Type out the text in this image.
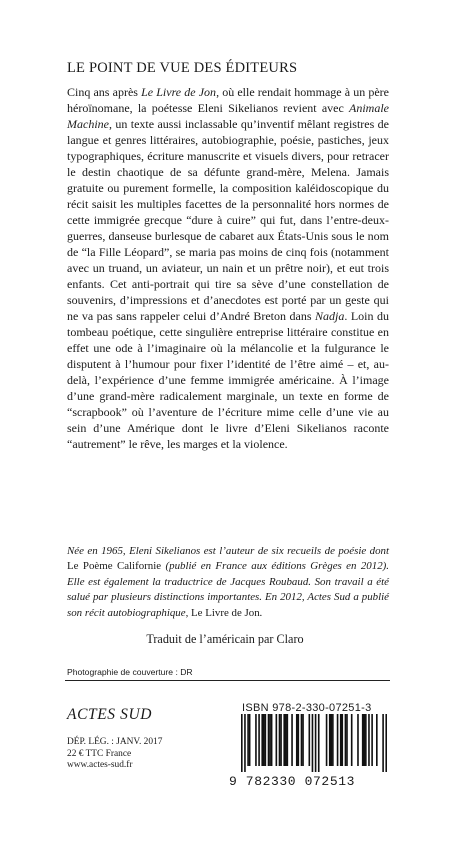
LE POINT DE VUE DES ÉDITEURS
Cinq ans après Le Livre de Jon, où elle rendait hommage à un père héroïnomane, la poétesse Eleni Sikelianos revient avec Animale Machine, un texte aussi inclassable qu’inventif mêlant registres de langue et genres littéraires, autobiographie, poésie, pastiches, jeux typographiques, écriture manuscrite et visuels divers, pour retracer le destin chaotique de sa défunte grand-mère, Melena. Jamais gratuite ou purement formelle, la composition kaléidoscopique du récit saisit les multiples facettes de la personnalité hors normes de cette immigrée grecque “dure à cuire” qui fut, dans l’entre-deux-guerres, danseuse burlesque de cabaret aux États-Unis sous le nom de “la Fille Léopard”, se maria pas moins de cinq fois (notamment avec un truand, un aviateur, un nain et un prêtre noir), et eut trois enfants. Cet anti-portrait qui tire sa sève d’une constellation de souvenirs, d’impressions et d’anecdotes est porté par un geste qui ne va pas sans rappeler celui d’André Breton dans Nadja. Loin du tombeau poétique, cette singulière entreprise littéraire constitue en effet une ode à l’imaginaire où la mélancolie et la fulgurance le disputent à l’humour pour fixer l’identité de l’être aimé – et, au-delà, l’expérience d’une femme immigrée américaine. À l’image d’une grand-mère radicalement marginale, un texte en forme de “scrapbook” où l’aventure de l’écriture mime celle d’une vie au sein d’une Amérique dont le livre d’Eleni Sikelianos raconte “autrement” le rêve, les marges et la violence.
Née en 1965, Eleni Sikelianos est l’auteur de six recueils de poésie dont Le Poème Californie (publié en France aux éditions Grèges en 2012). Elle est également la traductrice de Jacques Roubaud. Son travail a été salué par plusieurs distinctions importantes. En 2012, Actes Sud a publié son récit autobiographique, Le Livre de Jon.
Traduit de l’américain par Claro
Photographie de couverture : DR
ACTES SUD
DÉP. LÉG. : JANV. 2017
22 € TTC France
www.actes-sud.fr
ISBN 978-2-330-07251-3
9 782330 072513
